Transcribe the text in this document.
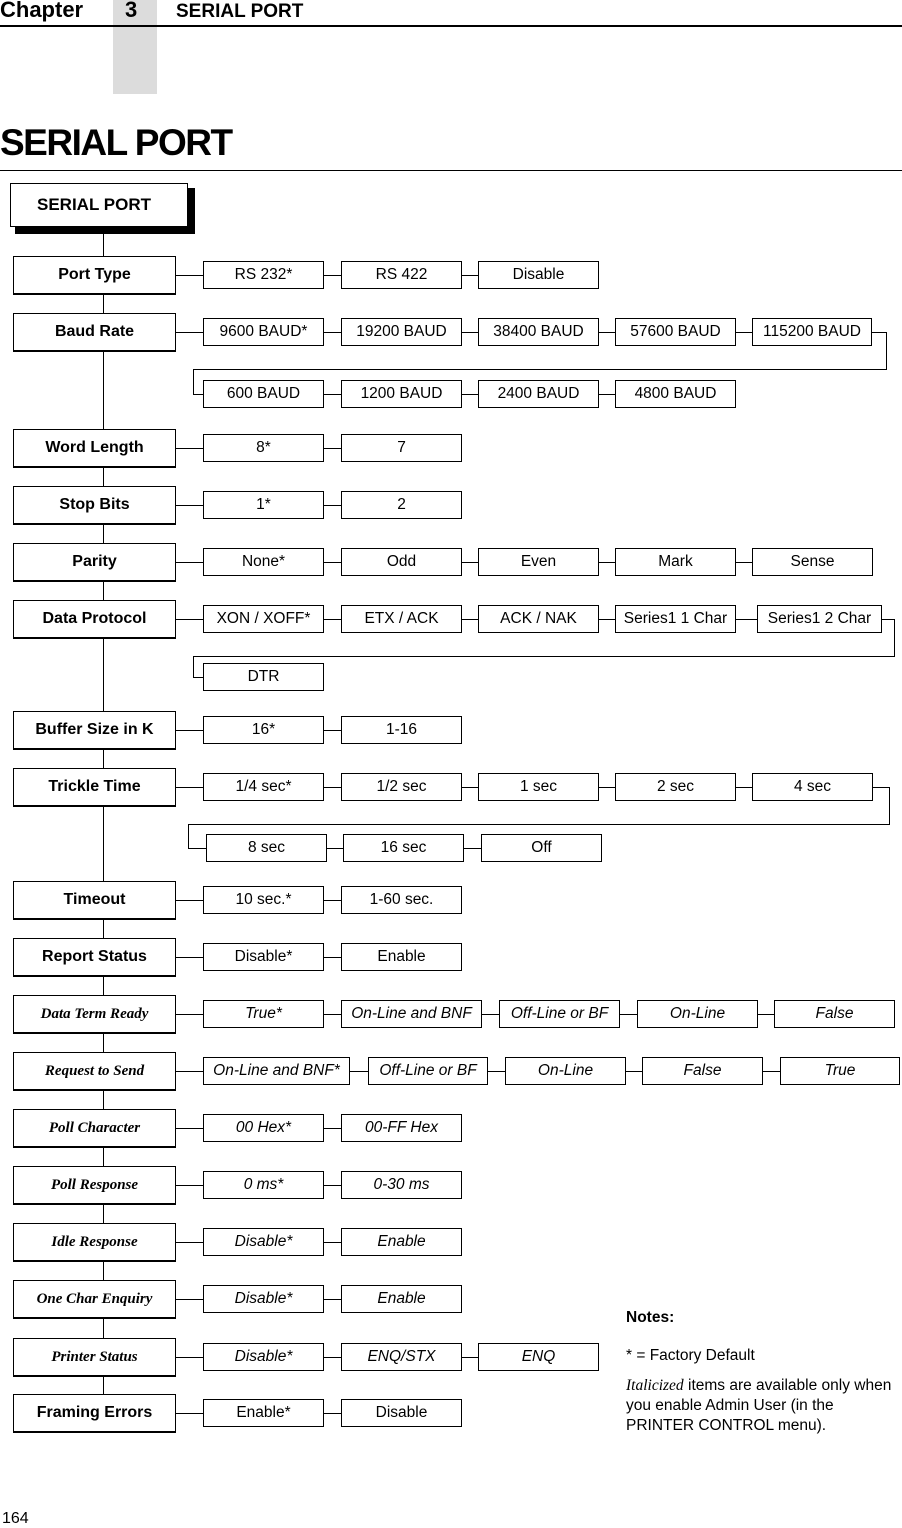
Chapter 3 SERIAL PORT
SERIAL PORT
SERIAL PORT
Port Type	RS 232*	RS 422	Disable
Baud Rate	9600 BAUD*	19200 BAUD	38400 BAUD	57600 BAUD	115200 BAUD
600 BAUD	1200 BAUD	2400 BAUD	4800 BAUD
Word Length	8*	7
Stop Bits	1*	2
Parity	None*	Odd	Even	Mark	Sense
Data Protocol	XON / XOFF*	ETX / ACK	ACK / NAK	Series1 1 Char	Series1 2 Char
DTR
Buffer Size in K	16*	1-16
Trickle Time	1/4 sec*	1/2 sec	1 sec	2 sec	4 sec
8 sec	16 sec	Off
Timeout	10 sec.*	1-60 sec.
Report Status	Disable*	Enable
Data Term Ready	True*	On-Line and BNF	Off-Line or BF	On-Line	False
Request to Send	On-Line and BNF*	Off-Line or BF	On-Line	False	True
Poll Character	00 Hex*	00-FF Hex
Poll Response	0 ms*	0-30 ms
Idle Response	Disable*	Enable
One Char Enquiry	Disable*	Enable
Printer Status	Disable*	ENQ/STX	ENQ
Framing Errors	Enable*	Disable
Notes:
* = Factory Default
Italicized items are available only when you enable Admin User (in the PRINTER CONTROL menu).
164
